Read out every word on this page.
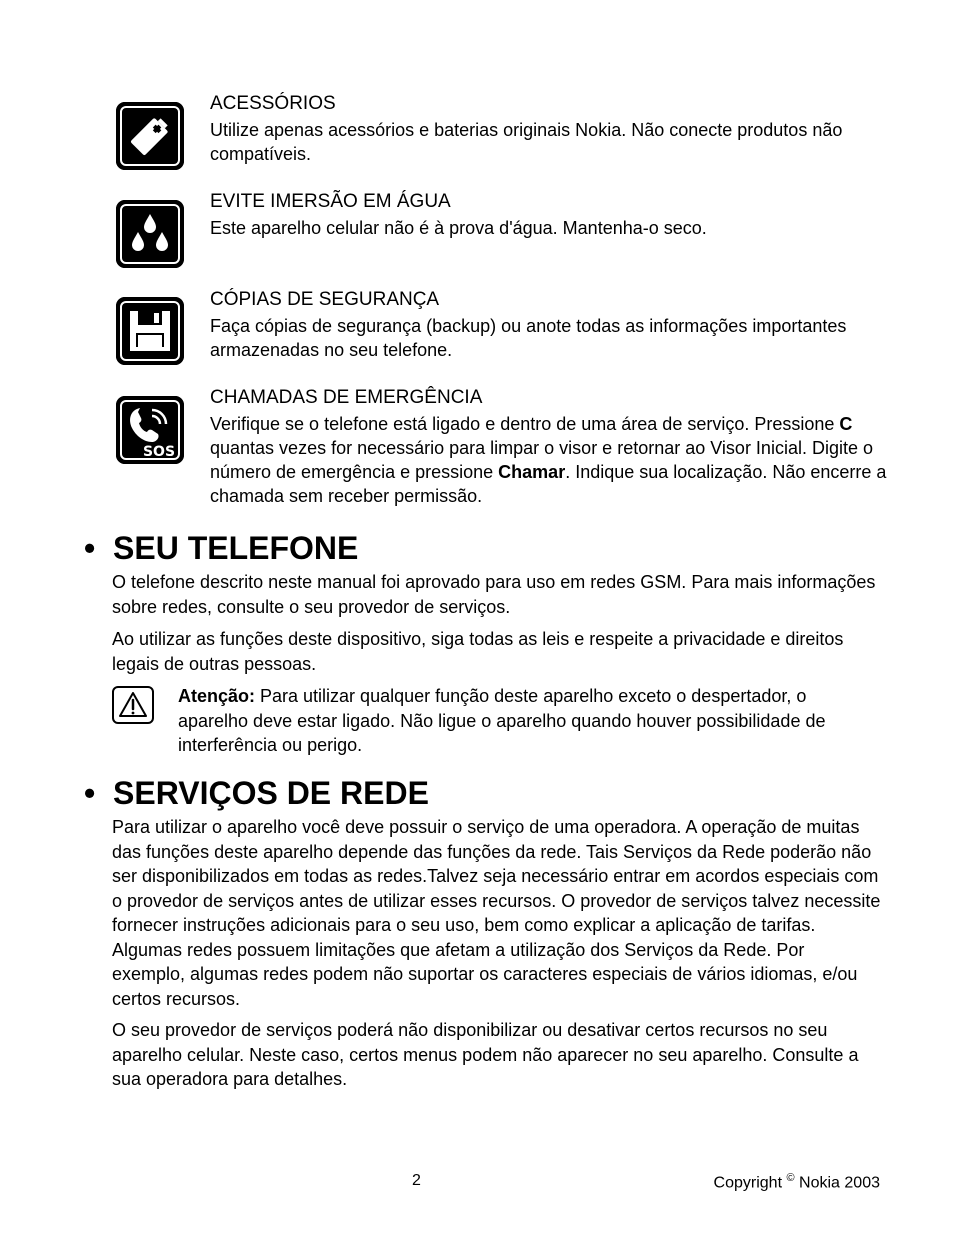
ACESSÓRIOS

Utilize apenas acessórios e baterias originais Nokia. Não conecte produtos não compatíveis.

EVITE IMERSÃO EM ÁGUA

Este aparelho celular não é à prova d'água. Mantenha-o seco.

CÓPIAS DE SEGURANÇA

Faça cópias de segurança (backup) ou anote todas as informações importantes armazenadas no seu telefone.

SOS

CHAMADAS DE EMERGÊNCIA

Verifique se o telefone está ligado e dentro de uma área de serviço. Pressione C quantas vezes for necessário para limpar o visor e retornar ao Visor Inicial. Digite o número de emergência e pressione Chamar. Indique sua localização. Não encerre a chamada sem receber permissão.

• SEU TELEFONE

O telefone descrito neste manual foi aprovado para uso em redes GSM. Para mais informações sobre redes, consulte o seu provedor de serviços.

Ao utilizar as funções deste dispositivo, siga todas as leis e respeite a privacidade e direitos legais de outras pessoas.

Atenção: Para utilizar qualquer função deste aparelho exceto o despertador, o aparelho deve estar ligado. Não ligue o aparelho quando houver possibilidade de interferência ou perigo.

• SERVIÇOS DE REDE

Para utilizar o aparelho você deve possuir o serviço de uma operadora. A operação de muitas das funções deste aparelho depende das funções da rede. Tais Serviços da Rede poderão não ser disponibilizados em todas as redes.Talvez seja necessário entrar em acordos especiais com o provedor de serviços antes de utilizar esses recursos. O provedor de serviços talvez necessite fornecer instruções adicionais para o seu uso, bem como explicar a aplicação de tarifas. Algumas redes possuem limitações que afetam a utilização dos Serviços da Rede. Por exemplo, algumas redes podem não suportar os caracteres especiais de vários idiomas, e/ou certos recursos.

O seu provedor de serviços poderá não disponibilizar ou desativar certos recursos no seu aparelho celular. Neste caso, certos menus podem não aparecer no seu aparelho. Consulte a sua operadora para detalhes.

2	Copyright © Nokia 2003
